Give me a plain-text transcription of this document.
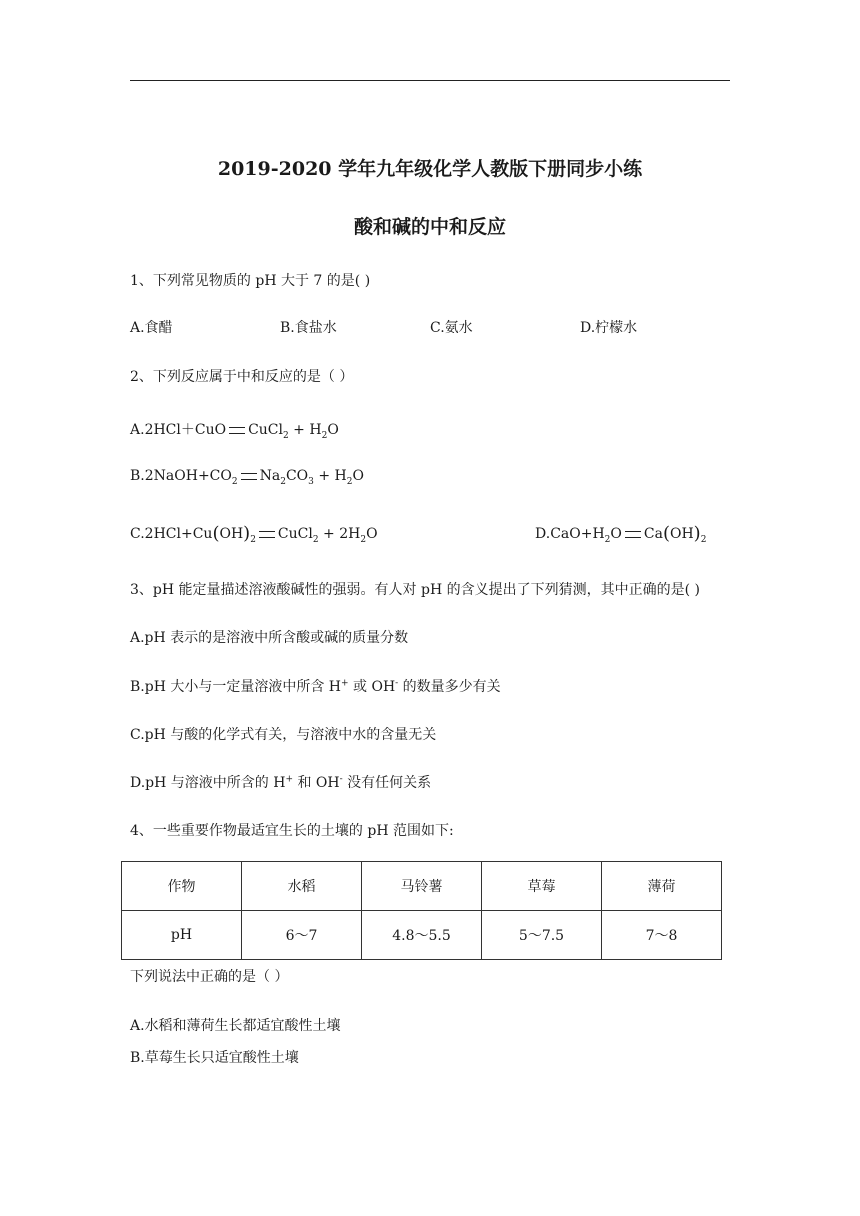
2019-2020 学年九年级化学人教版下册同步小练
酸和碱的中和反应
1、下列常见物质的 pH 大于 7 的是( )
A.食醋	B.食盐水	C.氨水	D.柠檬水
2、下列反应属于中和反应的是（ ）
A.2HCl＋CuO CuCl$_2$ + $H_2O$
$B.2NaOH+CO_2$ $Na_2CO_3 + H_2O$
$C.2HCl+Cu(OH)_2$ CuCl$_2$ + $2H_2O$	$D.CaO+H_2O$ $Ca(OH)_2$
3、pH 能定量描述溶液酸碱性的强弱。有人对 pH 的含义提出了下列猜测，其中正确的是( )
A.pH 表示的是溶液中所含酸或碱的质量分数
B.pH 大小与一定量溶液中所含 H+ 或 OH- 的数量多少有关
C.pH 与酸的化学式有关，与溶液中水的含量无关
D.pH 与溶液中所含的 H+ 和 OH- 没有任何关系
4、一些重要作物最适宜生长的土壤的 pH 范围如下:
作物	水稻	马铃薯	草莓	薄荷
pH	6～7	4.8～5.5	5～7.5	7～8
下列说法中正确的是（ ）
A.水稻和薄荷生长都适宜酸性土壤
B.草莓生长只适宜酸性土壤
